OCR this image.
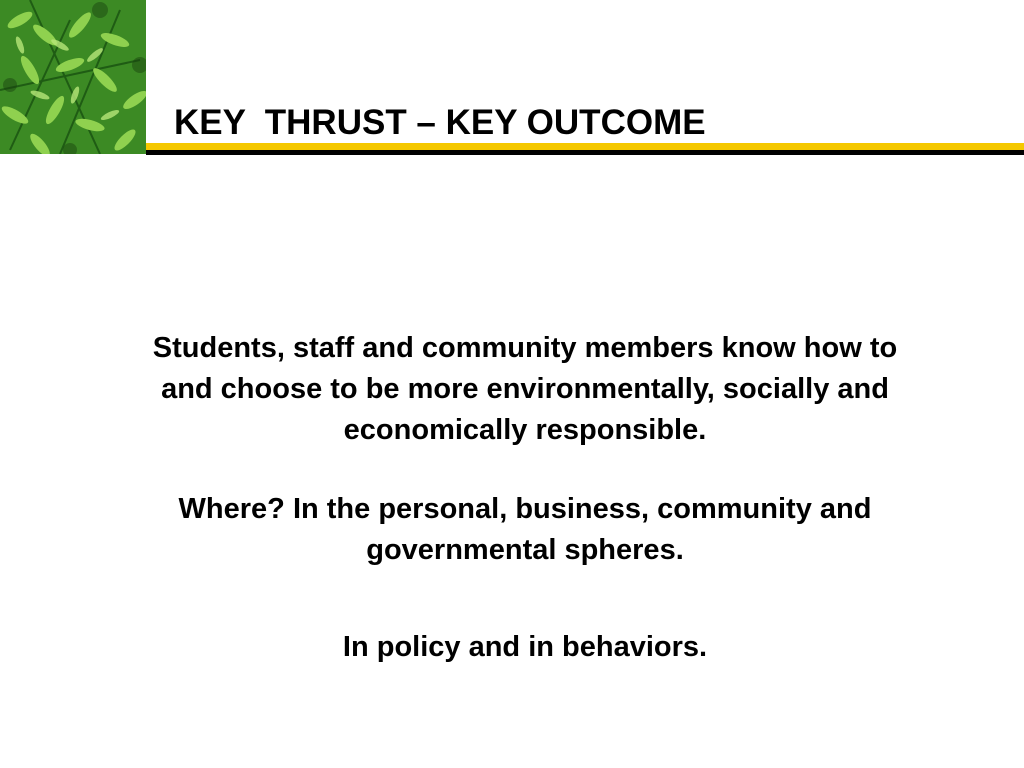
KEY  THRUST – KEY OUTCOME

Students, staff and community members know how to
and choose to be more environmentally, socially and
economically responsible.

Where? In the personal, business, community and
governmental spheres.

In policy and in behaviors.
